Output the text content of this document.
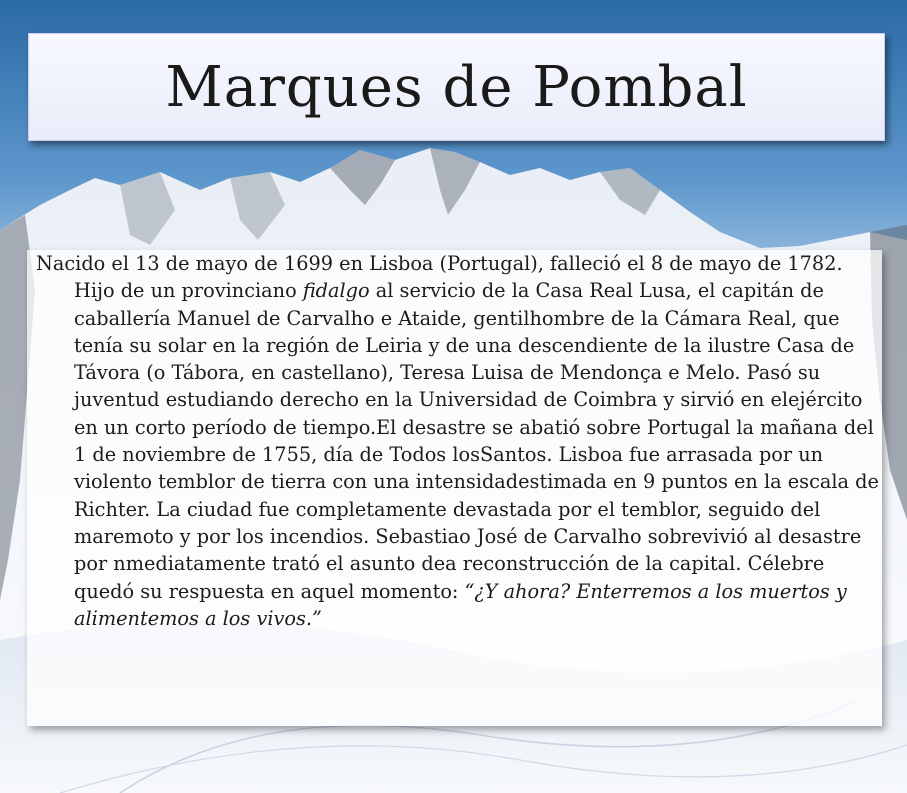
Marques de Pombal

Nacido el 13 de mayo de 1699 en Lisboa (Portugal), falleció el 8 de mayo de 1782. Hijo de un provinciano fidalgo al servicio de la Casa Real Lusa, el capitán de caballería Manuel de Carvalho e Ataide, gentilhombre de la Cámara Real, que tenía su solar en la región de Leiria y de una descendiente de la ilustre Casa de Távora (o Tábora, en castellano), Teresa Luisa de Mendonça e Melo. Pasó su juventud estudiando derecho en la Universidad de Coimbra y sirvió en elejército en un corto período de tiempo.El desastre se abatió sobre Portugal la mañana del 1 de noviembre de 1755, día de Todos losSantos. Lisboa fue arrasada por un violento temblor de tierra con una intensidadestimada en 9 puntos en la escala de Richter. La ciudad fue completamente devastada por el temblor, seguido del maremoto y por los incendios. Sebastiao José de Carvalho sobrevivió al desastre por nmediatamente trató el asunto dea reconstrucción de la capital. Célebre quedó su respuesta en aquel momento: “¿Y ahora? Enterremos a los muertos y alimentemos a los vivos.”
